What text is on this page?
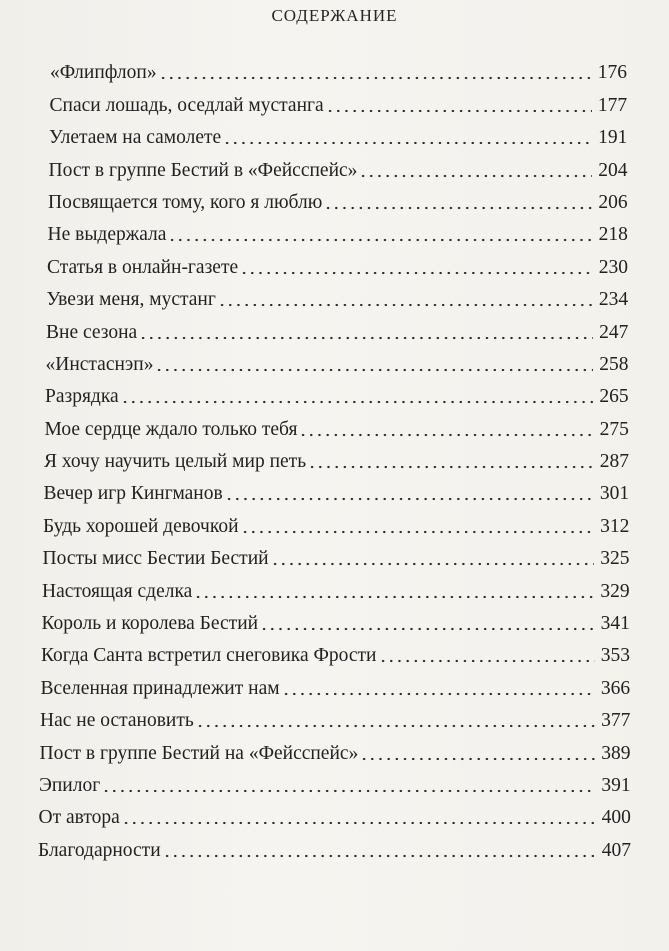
СОДЕРЖАНИЕ
«Флипфлоп»	176
Спаси лошадь, оседлай мустанга	177
Улетаем на самолете	191
Пост в группе Бестий в «Фейсспейс»	204
Посвящается тому, кого я люблю	206
Не выдержала	218
Статья в онлайн-газете	230
Увези меня, мустанг	234
Вне сезона	247
«Инстаснэп»	258
Разрядка	265
Мое сердце ждало только тебя	275
Я хочу научить целый мир петь	287
Вечер игр Кингманов	301
Будь хорошей девочкой	312
Посты мисс Бестии Бестий	325
Настоящая сделка	329
Король и королева Бестий	341
Когда Санта встретил снеговика Фрости	353
Вселенная принадлежит нам	366
Нас не остановить	377
Пост в группе Бестий на «Фейсспейс»	389
Эпилог	391
От автора	400
Благодарности	407
